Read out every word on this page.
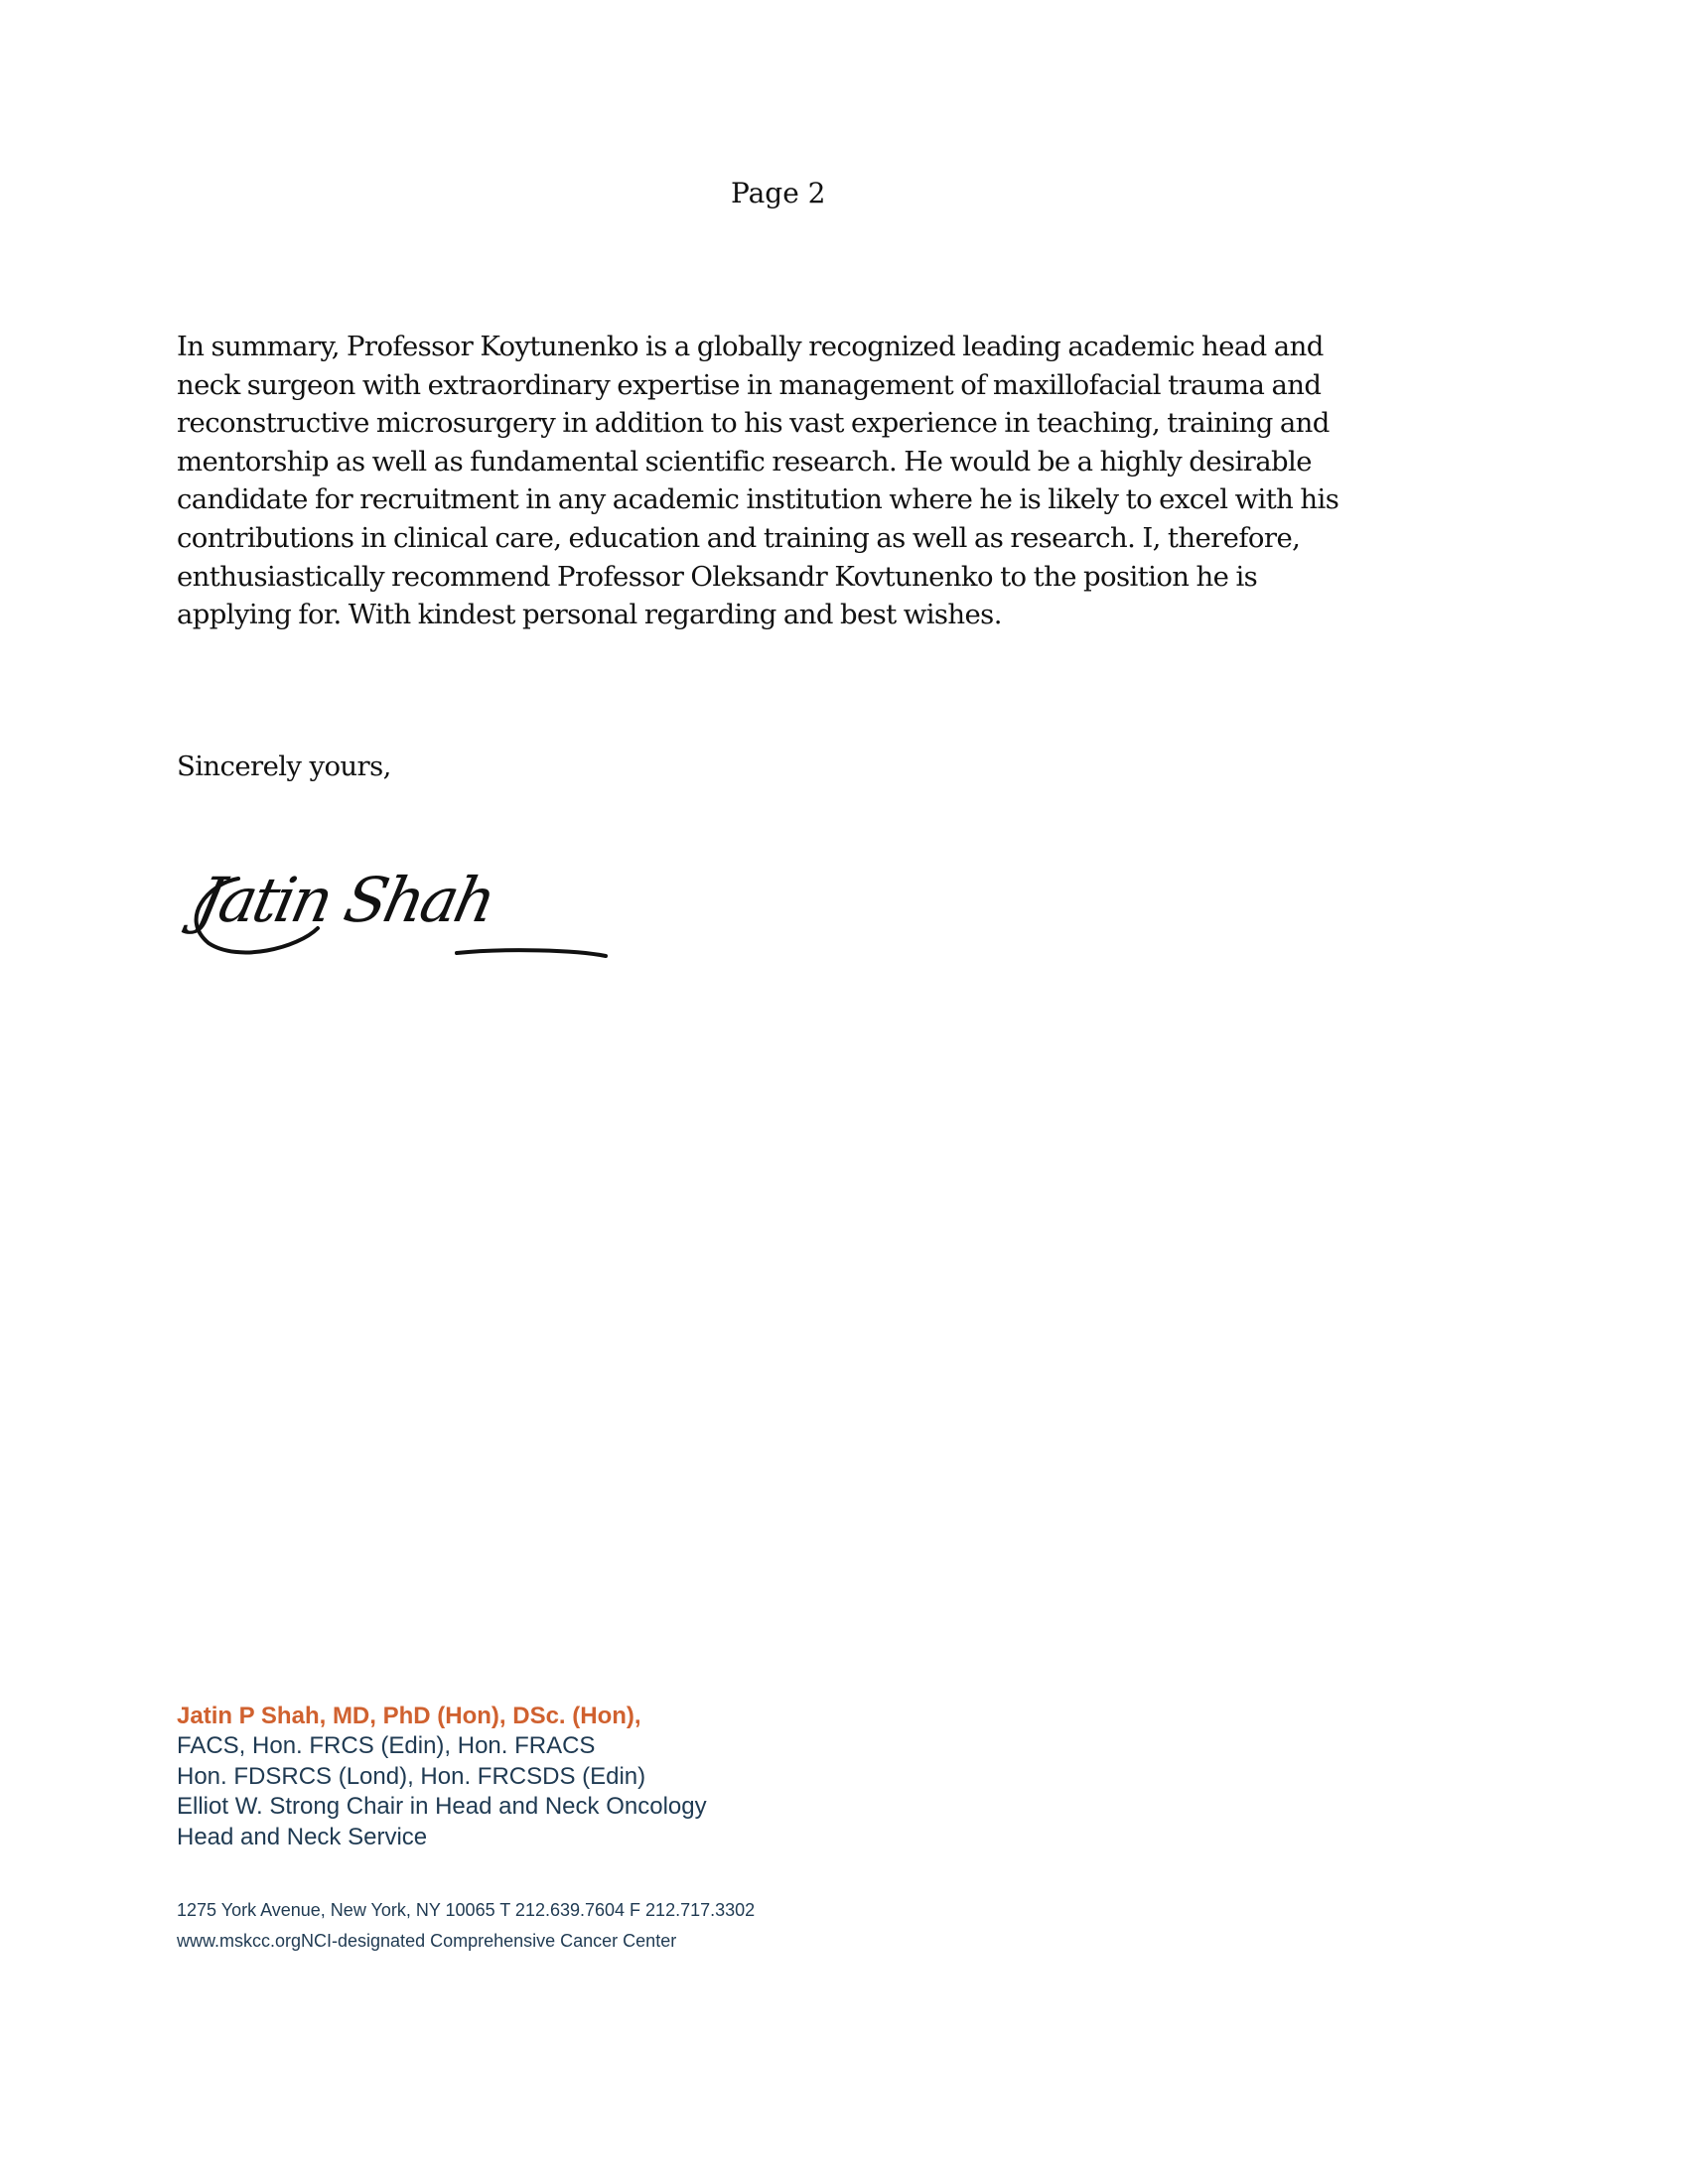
Page 2

In summary, Professor Koytunenko is a globally recognized leading academic head and neck surgeon with extraordinary expertise in management of maxillofacial trauma and reconstructive microsurgery in addition to his vast experience in teaching, training and mentorship as well as fundamental scientific research. He would be a highly desirable candidate for recruitment in any academic institution where he is likely to excel with his contributions in clinical care, education and training as well as research. I, therefore, enthusiastically recommend Professor Oleksandr Kovtunenko to the position he is applying for. With kindest personal regarding and best wishes.

Sincerely yours,
Jatin Shah
Jatin P Shah, MD, PhD (Hon), DSc. (Hon),
FACS, Hon. FRCS (Edin), Hon. FRACS
Hon. FDSRCS (Lond), Hon. FRCSDS (Edin)
Elliot W. Strong Chair in Head and Neck Oncology
Head and Neck Service
1275 York Avenue, New York, NY 10065 T 212.639.7604 F 212.717.3302
www.mskcc.orgNCI-designated Comprehensive Cancer Center
